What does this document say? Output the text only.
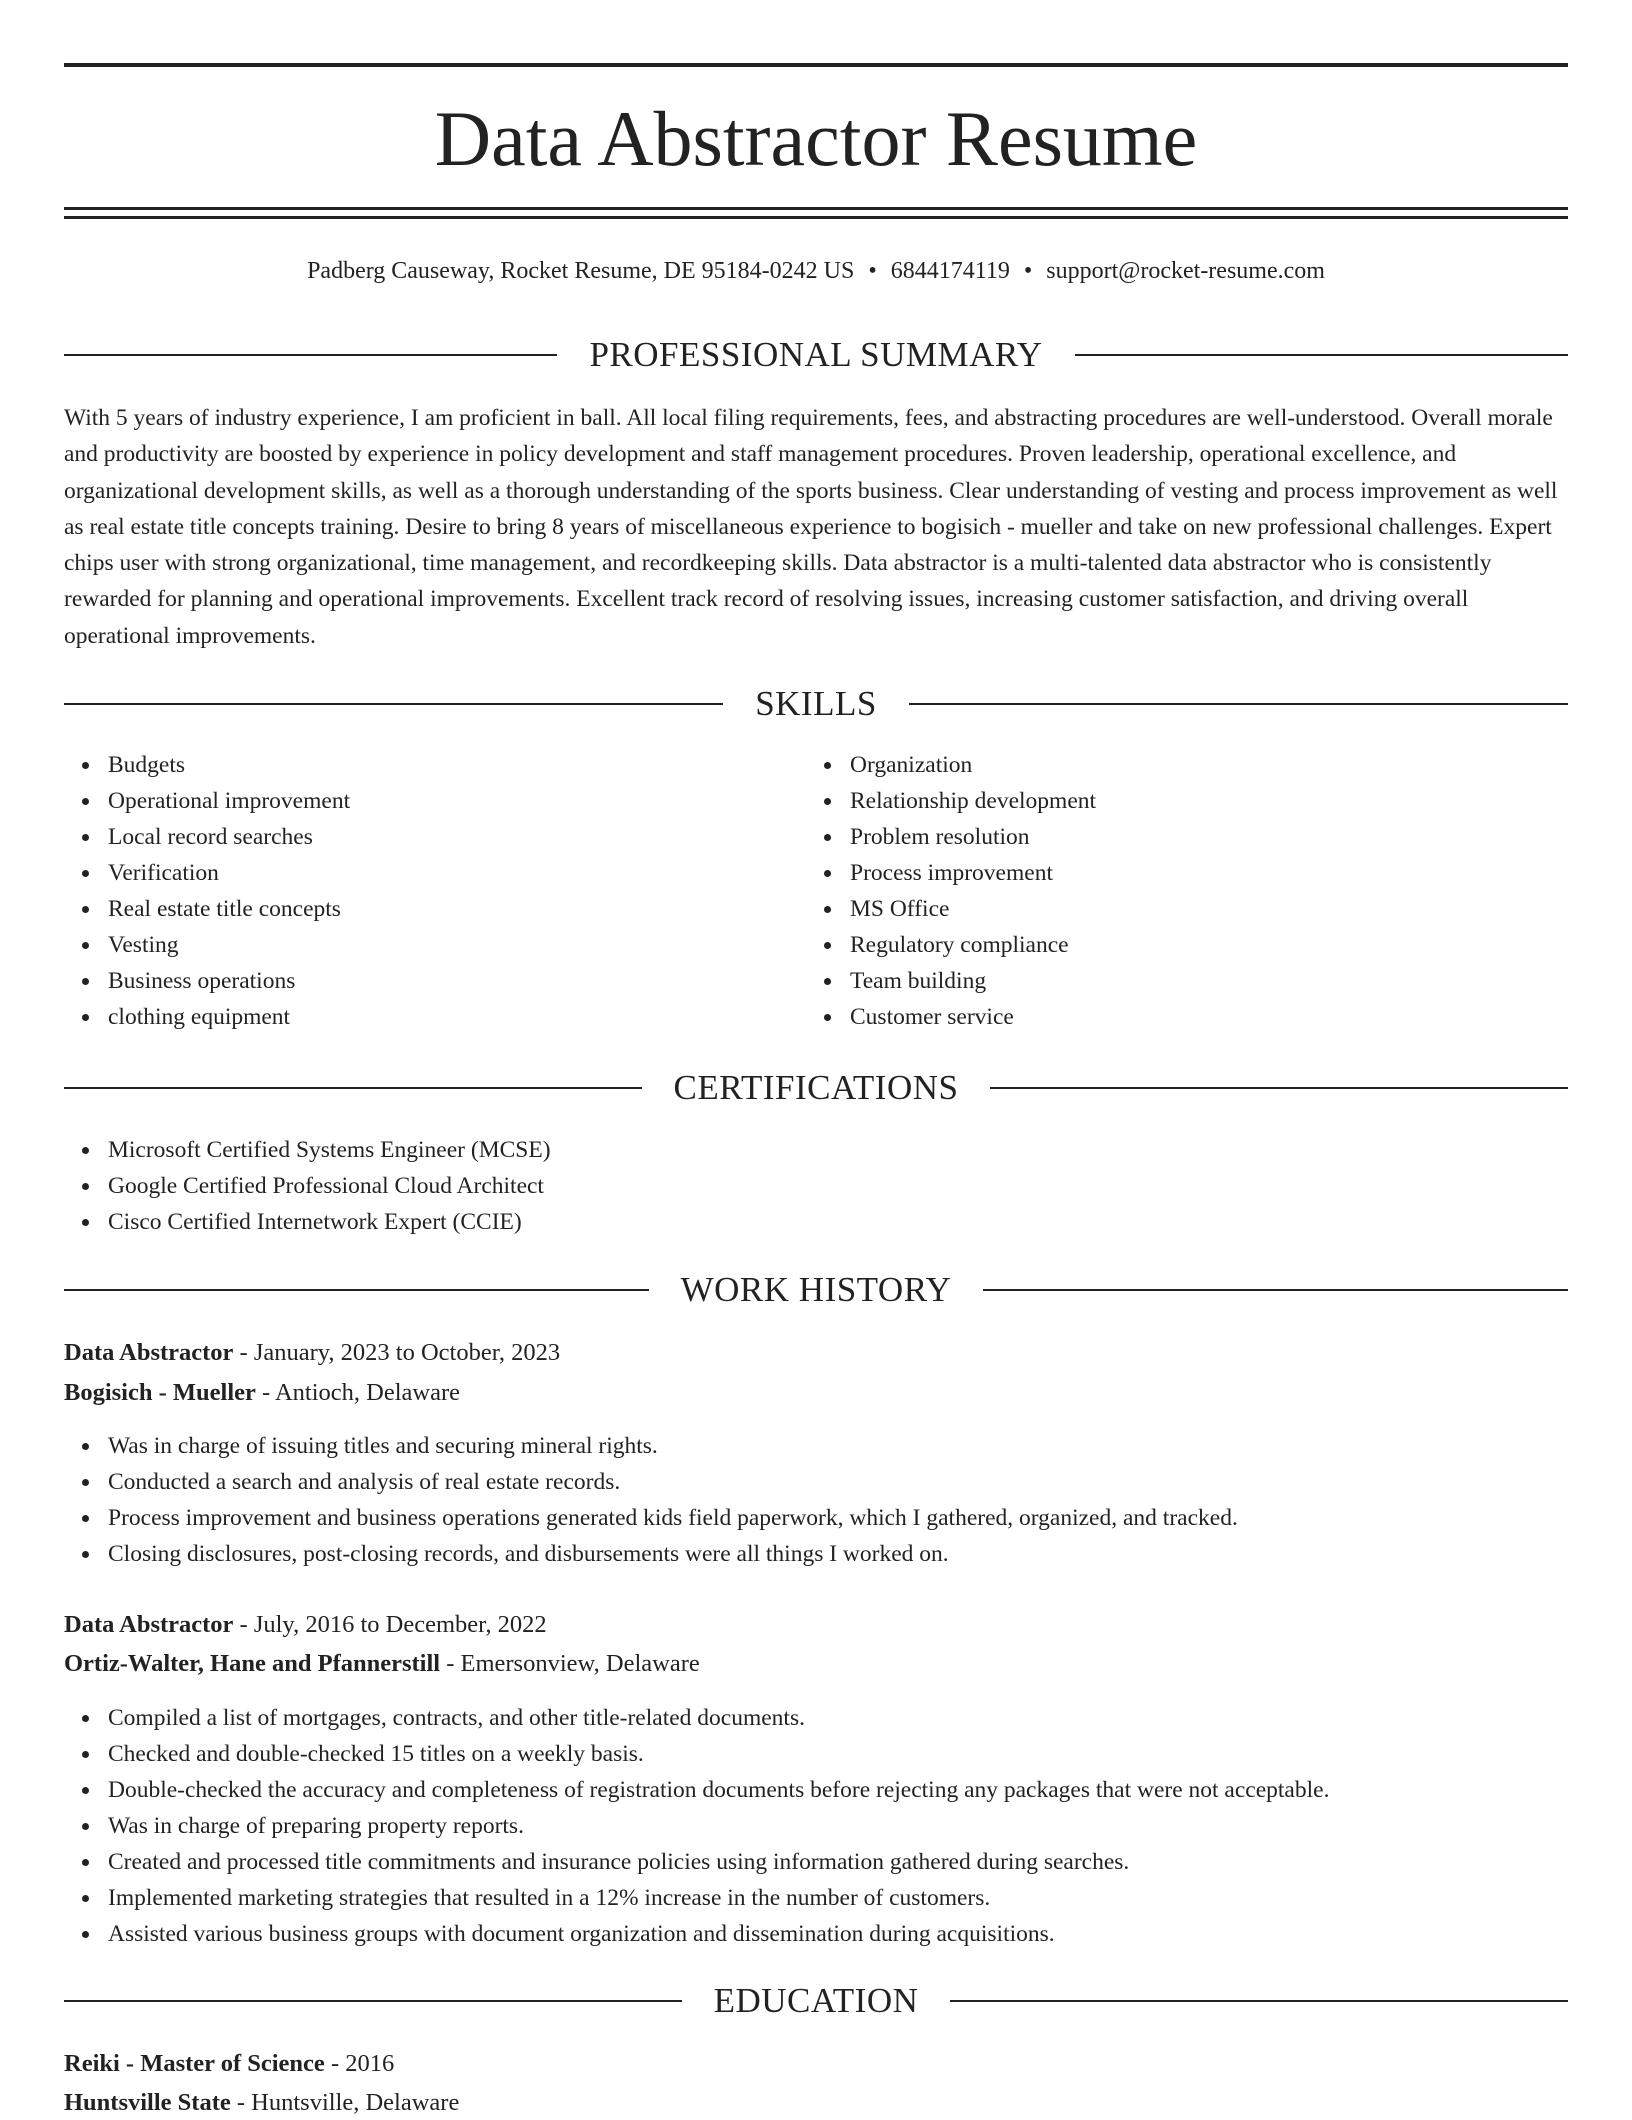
Data Abstractor Resume
Padberg Causeway, Rocket Resume, DE 95184-0242 US • 6844174119 • support@rocket-resume.com
PROFESSIONAL SUMMARY

With 5 years of industry experience, I am proficient in ball. All local filing requirements, fees, and abstracting procedures are well-understood. Overall morale and productivity are boosted by experience in policy development and staff management procedures. Proven leadership, operational excellence, and organizational development skills, as well as a thorough understanding of the sports business. Clear understanding of vesting and process improvement as well as real estate title concepts training. Desire to bring 8 years of miscellaneous experience to bogisich - mueller and take on new professional challenges. Expert chips user with strong organizational, time management, and recordkeeping skills. Data abstractor is a multi-talented data abstractor who is consistently rewarded for planning and operational improvements. Excellent track record of resolving issues, increasing customer satisfaction, and driving overall operational improvements.

SKILLS
Budgets
Operational improvement
Local record searches
Verification
Real estate title concepts
Vesting
Business operations
clothing equipment
Organization
Relationship development
Problem resolution
Process improvement
MS Office
Regulatory compliance
Team building
Customer service
CERTIFICATIONS
Microsoft Certified Systems Engineer (MCSE)
Google Certified Professional Cloud Architect
Cisco Certified Internetwork Expert (CCIE)
WORK HISTORY
Data Abstractor - January, 2023 to October, 2023
Bogisich - Mueller - Antioch, Delaware
Was in charge of issuing titles and securing mineral rights.
Conducted a search and analysis of real estate records.
Process improvement and business operations generated kids field paperwork, which I gathered, organized, and tracked.
Closing disclosures, post-closing records, and disbursements were all things I worked on.
Data Abstractor - July, 2016 to December, 2022
Ortiz-Walter, Hane and Pfannerstill - Emersonview, Delaware
Compiled a list of mortgages, contracts, and other title-related documents.
Checked and double-checked 15 titles on a weekly basis.
Double-checked the accuracy and completeness of registration documents before rejecting any packages that were not acceptable.
Was in charge of preparing property reports.
Created and processed title commitments and insurance policies using information gathered during searches.
Implemented marketing strategies that resulted in a 12% increase in the number of customers.
Assisted various business groups with document organization and dissemination during acquisitions.
EDUCATION
Reiki - Master of Science - 2016
Huntsville State - Huntsville, Delaware
